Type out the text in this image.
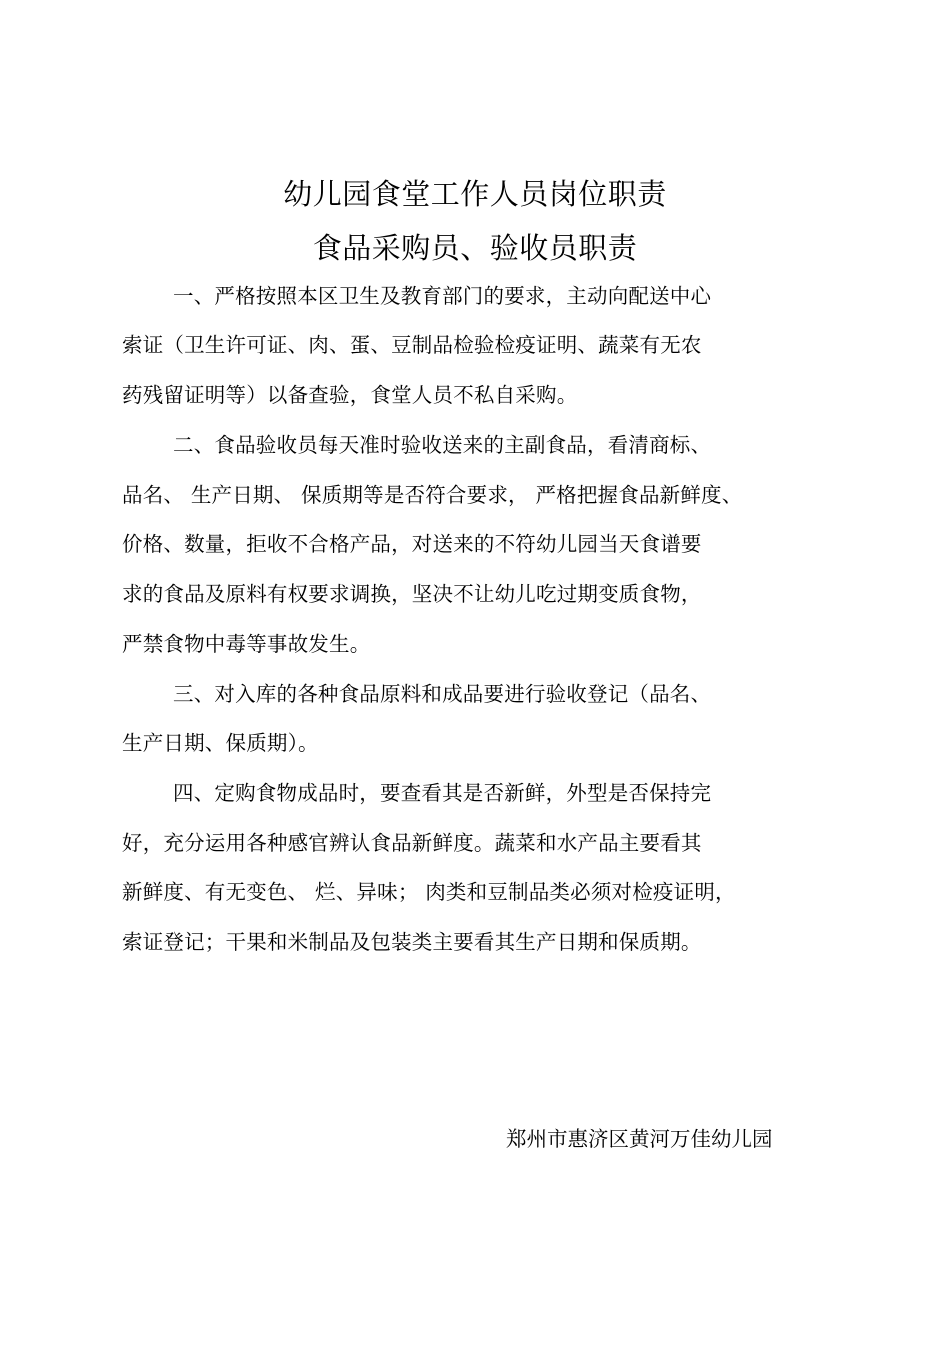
幼儿园食堂工作人员岗位职责
食品采购员、验收员职责
一、严格按照本区卫生及教育部门的要求，主动向配送中心
索证（卫生许可证、肉、蛋、豆制品检验检疫证明、蔬菜有无农
药残留证明等）以备查验，食堂人员不私自采购。
二、食品验收员每天准时验收送来的主副食品，看清商标、
品名、 生产日期、 保质期等是否符合要求， 严格把握食品新鲜度、
价格、数量，拒收不合格产品，对送来的不符幼儿园当天食谱要
求的食品及原料有权要求调换，坚决不让幼儿吃过期变质食物，
严禁食物中毒等事故发生。
三、对入库的各种食品原料和成品要进行验收登记（品名、
生产日期、保质期）。
四、定购食物成品时，要查看其是否新鲜，外型是否保持完
好，充分运用各种感官辨认食品新鲜度。蔬菜和水产品主要看其
新鲜度、有无变色、 烂、异味； 肉类和豆制品类必须对检疫证明，
索证登记；干果和米制品及包装类主要看其生产日期和保质期。
郑州市惠济区黄河万佳幼儿园
